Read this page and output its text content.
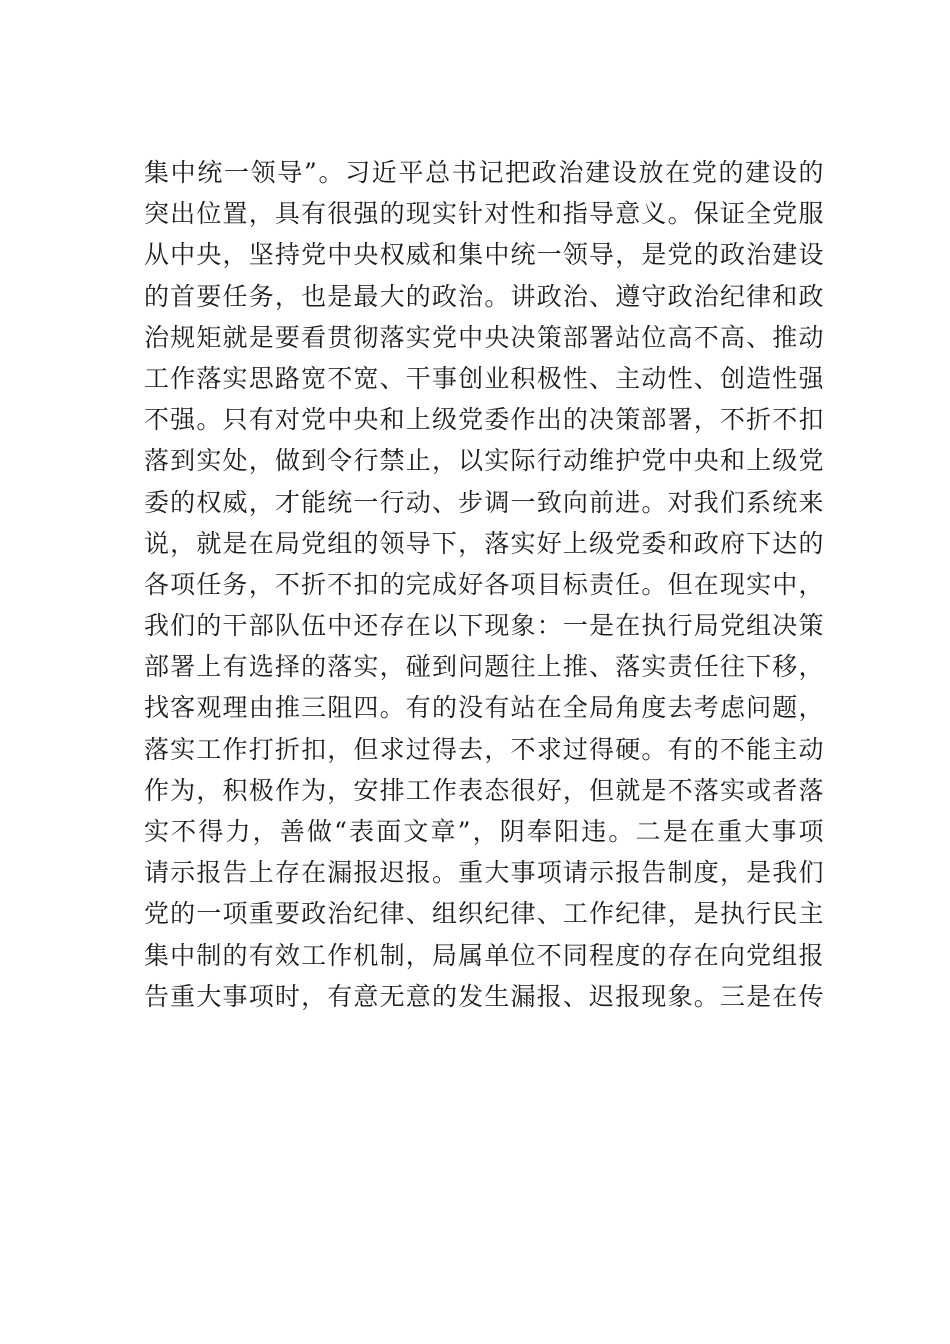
集中统一领导”。习近平总书记把政治建设放在党的建设的
突出位置，具有很强的现实针对性和指导意义。保证全党服
从中央，坚持党中央权威和集中统一领导，是党的政治建设
的首要任务，也是最大的政治。讲政治、遵守政治纪律和政
治规矩就是要看贯彻落实党中央决策部署站位高不高、推动
工作落实思路宽不宽、干事创业积极性、主动性、创造性强
不强。只有对党中央和上级党委作出的决策部署，不折不扣
落到实处，做到令行禁止，以实际行动维护党中央和上级党
委的权威，才能统一行动、步调一致向前进。对我们系统来
说，就是在局党组的领导下，落实好上级党委和政府下达的
各项任务，不折不扣的完成好各项目标责任。但在现实中，
我们的干部队伍中还存在以下现象：一是在执行局党组决策
部署上有选择的落实，碰到问题往上推、落实责任往下移，
找客观理由推三阻四。有的没有站在全局角度去考虑问题，
落实工作打折扣，但求过得去，不求过得硬。有的不能主动
作为，积极作为，安排工作表态很好，但就是不落实或者落
实不得力，善做“表面文章”，阴奉阳违。二是在重大事项
请示报告上存在漏报迟报。重大事项请示报告制度，是我们
党的一项重要政治纪律、组织纪律、工作纪律，是执行民主
集中制的有效工作机制，局属单位不同程度的存在向党组报
告重大事项时，有意无意的发生漏报、迟报现象。三是在传
